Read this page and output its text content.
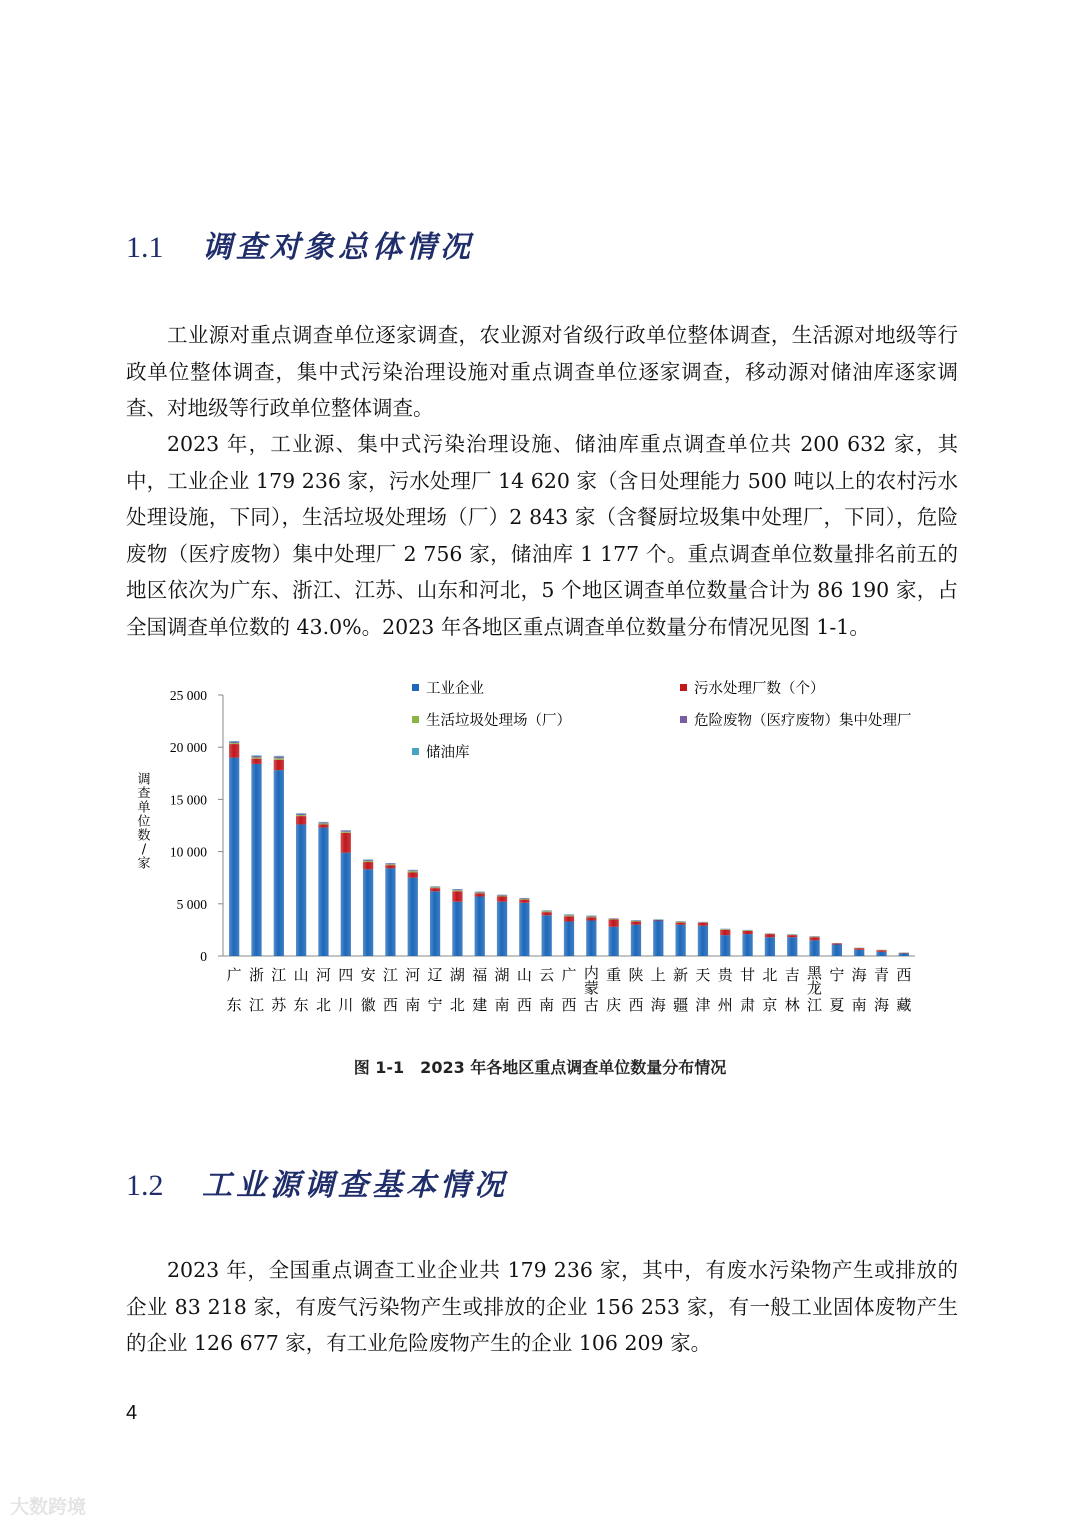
1.1 调查对象总体情况

工业源对重点调查单位逐家调查，农业源对省级行政单位整体调查，生活源对地级等行政单位整体调查，集中式污染治理设施对重点调查单位逐家调查，移动源对储油库逐家调查、对地级等行政单位整体调查。

2023 年，工业源、集中式污染治理设施、储油库重点调查单位共 200 632 家，其中，工业企业 179 236 家，污水处理厂 14 620 家（含日处理能力 500 吨以上的农村污水处理设施，下同），生活垃圾处理场（厂）2 843 家（含餐厨垃圾集中处理厂，下同），危险废物（医疗废物）集中处理厂 2 756 家，储油库 1 177 个。重点调查单位数量排名前五的地区依次为广东、浙江、江苏、山东和河北，5 个地区调查单位数量合计为 86 190 家，占全国调查单位数的 43.0%。2023 年各地区重点调查单位数量分布情况见图 1-1。

调
查
单
位
数
/
家
0
5 000
10 000
15 000
20 000
25 000
广
东
浙
江
江
苏
山
东
河
北
四
川
安
徽
江
西
河
南
辽
宁
湖
北
福
建
湖
南
山
西
云
南
广
西
内
蒙
古
重
庆
陕
西
上
海
新
疆
天
津
贵
州
甘
肃
北
京
吉
林
黑
龙
江
宁
夏
海
南
青
海
西
藏
工业企业	污水处理厂数（个）
生活垃圾处理场（厂）	危险废物（医疗废物）集中处理厂
储油库
图 1-1　2023 年各地区重点调查单位数量分布情况
1.2 工业源调查基本情况

2023 年，全国重点调查工业企业共 179 236 家，其中，有废水污染物产生或排放的企业 83 218 家，有废气污染物产生或排放的企业 156 253 家，有一般工业固体废物产生的企业 126 677 家，有工业危险废物产生的企业 106 209 家。

4
大数跨境
